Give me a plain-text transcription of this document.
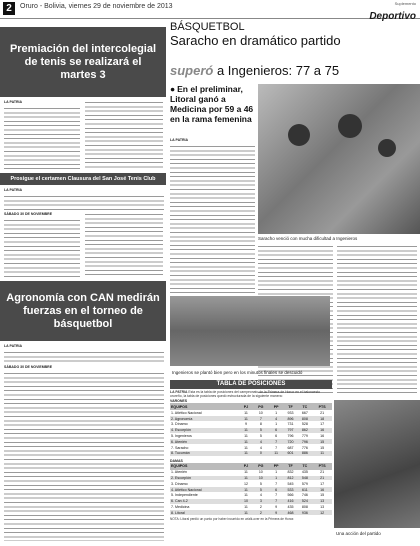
2	Oruro - Bolivia, viernes 29 de noviembre de 2013	Suplemento
Deportivo
Premiación del intercolegial de tenis se realizará el martes 3
LA PATRIA
Prosigue el certamen Clausura del San José Tenis Club
LA PATRIA
SÁBADO 30 DE NOVIEMBRE
Agronomía con CAN medirán fuerzas en el torneo de básquetbol
LA PATRIA
SÁBADO 30 DE NOVIEMBRE
BÁSQUETBOL
Saracho en dramático partido
superó a Ingenieros: 77 a 75
● En el preliminar, Litoral ganó a Medicina por 59 a 46 en la rama femenina
LA PATRIA
Saracho venció con mucha dificultad a Ingenieros
Ingenieros se plantó bien pero en los minutos finales se descuidó
TABLA DE POSICIONES
LA PATRIA Esta es la tabla de posiciones del campeonato de la Primera de Honor en el baloncesto orureño, la tabla de posiciones quedó estructurada de la siguiente manera:
VARONES
EQUIPOS	PJ	PG	PP	TF	TC	PTS
1. Atlético Nacional	11	10	1	933	667	21
2. Agronomía	11	7	4	896	808	18
3. Dínamo	9	8	1	731	528	17
4. Escorpión	11	5	6	797	862	16
5. Ingenieros	11	5	6	796	779	16
6. Atenién	11	4	7	720	796	15
7. Saracho	11	4	7	687	776	15
8. Tucumán	11	0	11	601	886	11
DAMAS
EQUIPOS	PJ	PG	PP	TF	TC	PTS
1. Atenién	11	10	1	832	435	21
2. Escorpión	11	10	1	812	548	21
3. Dínamo	12	5	7	545	579	17
4. Atlético Nacional	11	5	6	533	611	16
5. Independiente	11	4	7	566	746	15
6. Can 4-2	10	3	7	416	524	13
7. Medicina	11	2	9	435	808	13
8. Litoral	11	2	9	468	936	12
NOTA: Litoral perdió un punto por haber incurrido en w/alk-over en la Primera de Honor.
Una acción del partido
